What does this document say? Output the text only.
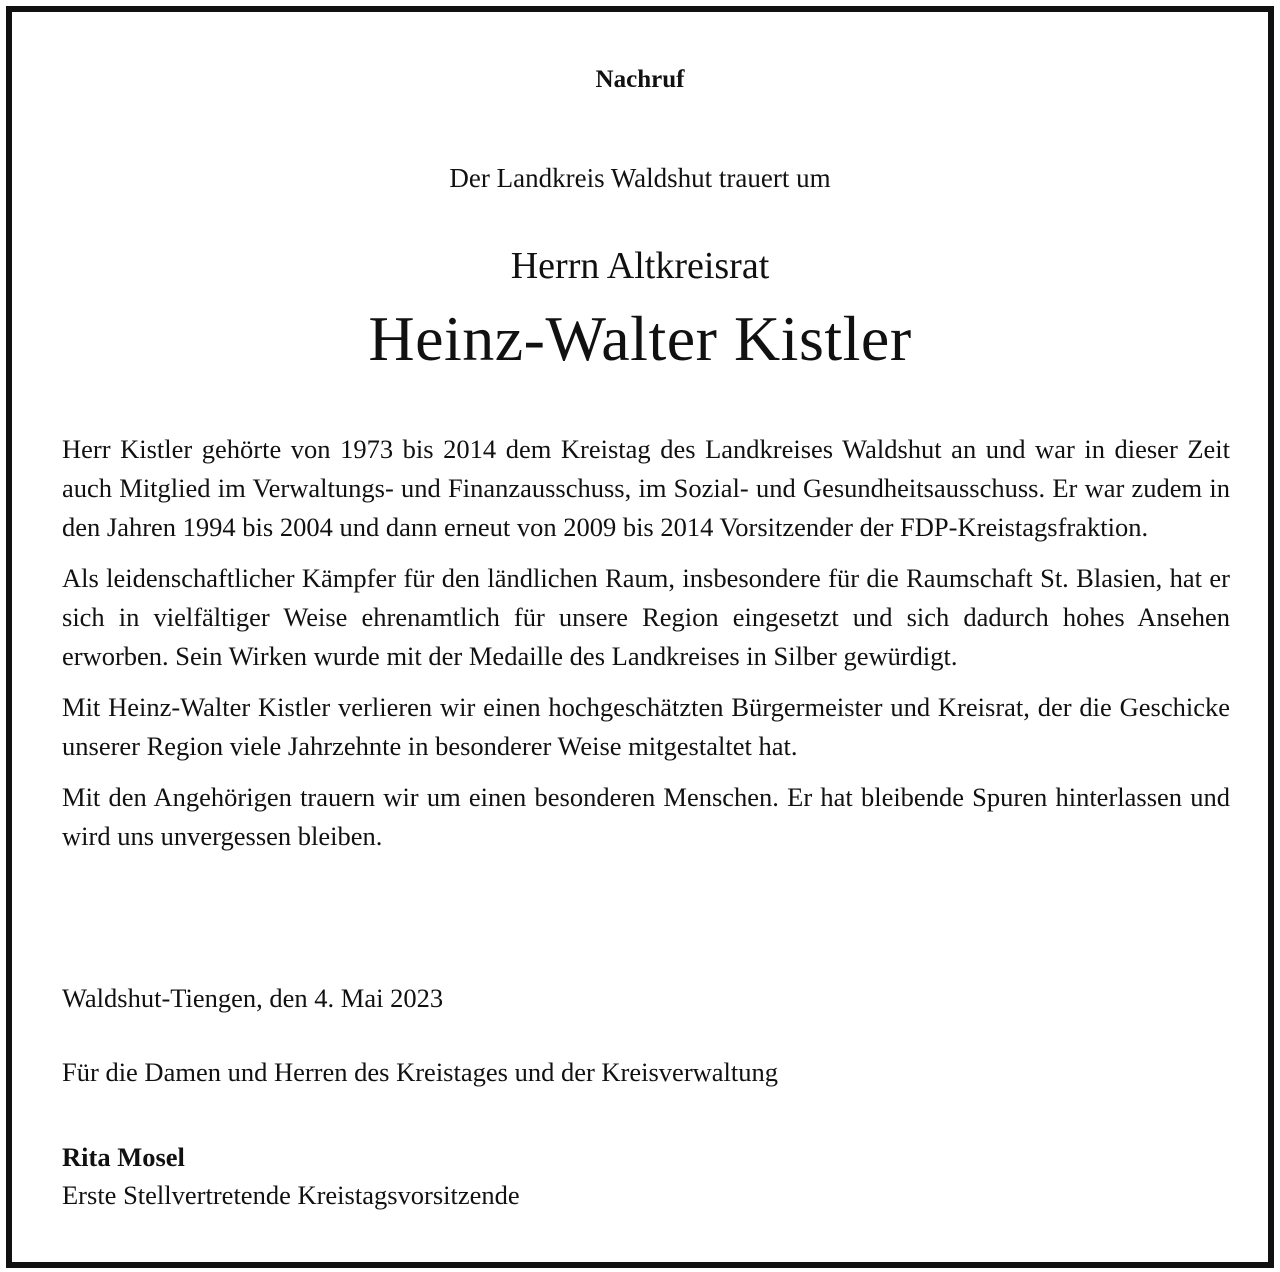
Nachruf
Der Landkreis Waldshut trauert um
Herrn Altkreisrat
Heinz-Walter Kistler

Herr Kistler gehörte von 1973 bis 2014 dem Kreistag des Landkreises Waldshut an und war in dieser Zeit auch Mitglied im Verwaltungs- und Finanzausschuss, im Sozial- und Gesundheitsausschuss. Er war zudem in den Jahren 1994 bis 2004 und dann erneut von 2009 bis 2014 Vorsitzender der FDP-Kreistagsfraktion.

Als leidenschaftlicher Kämpfer für den ländlichen Raum, insbesondere für die Raumschaft St. Blasien, hat er sich in vielfältiger Weise ehrenamtlich für unsere Region eingesetzt und sich dadurch hohes Ansehen erworben. Sein Wirken wurde mit der Medaille des Landkreises in Silber gewürdigt.

Mit Heinz-Walter Kistler verlieren wir einen hochgeschätzten Bürgermeister und Kreisrat, der die Geschicke unserer Region viele Jahrzehnte in besonderer Weise mitgestaltet hat.

Mit den Angehörigen trauern wir um einen besonderen Menschen. Er hat bleibende Spuren hinterlassen und wird uns unvergessen bleiben.

Waldshut-Tiengen, den 4. Mai 2023
Für die Damen und Herren des Kreistages und der Kreisverwaltung
Rita Mosel
Erste Stellvertretende Kreistagsvorsitzende
